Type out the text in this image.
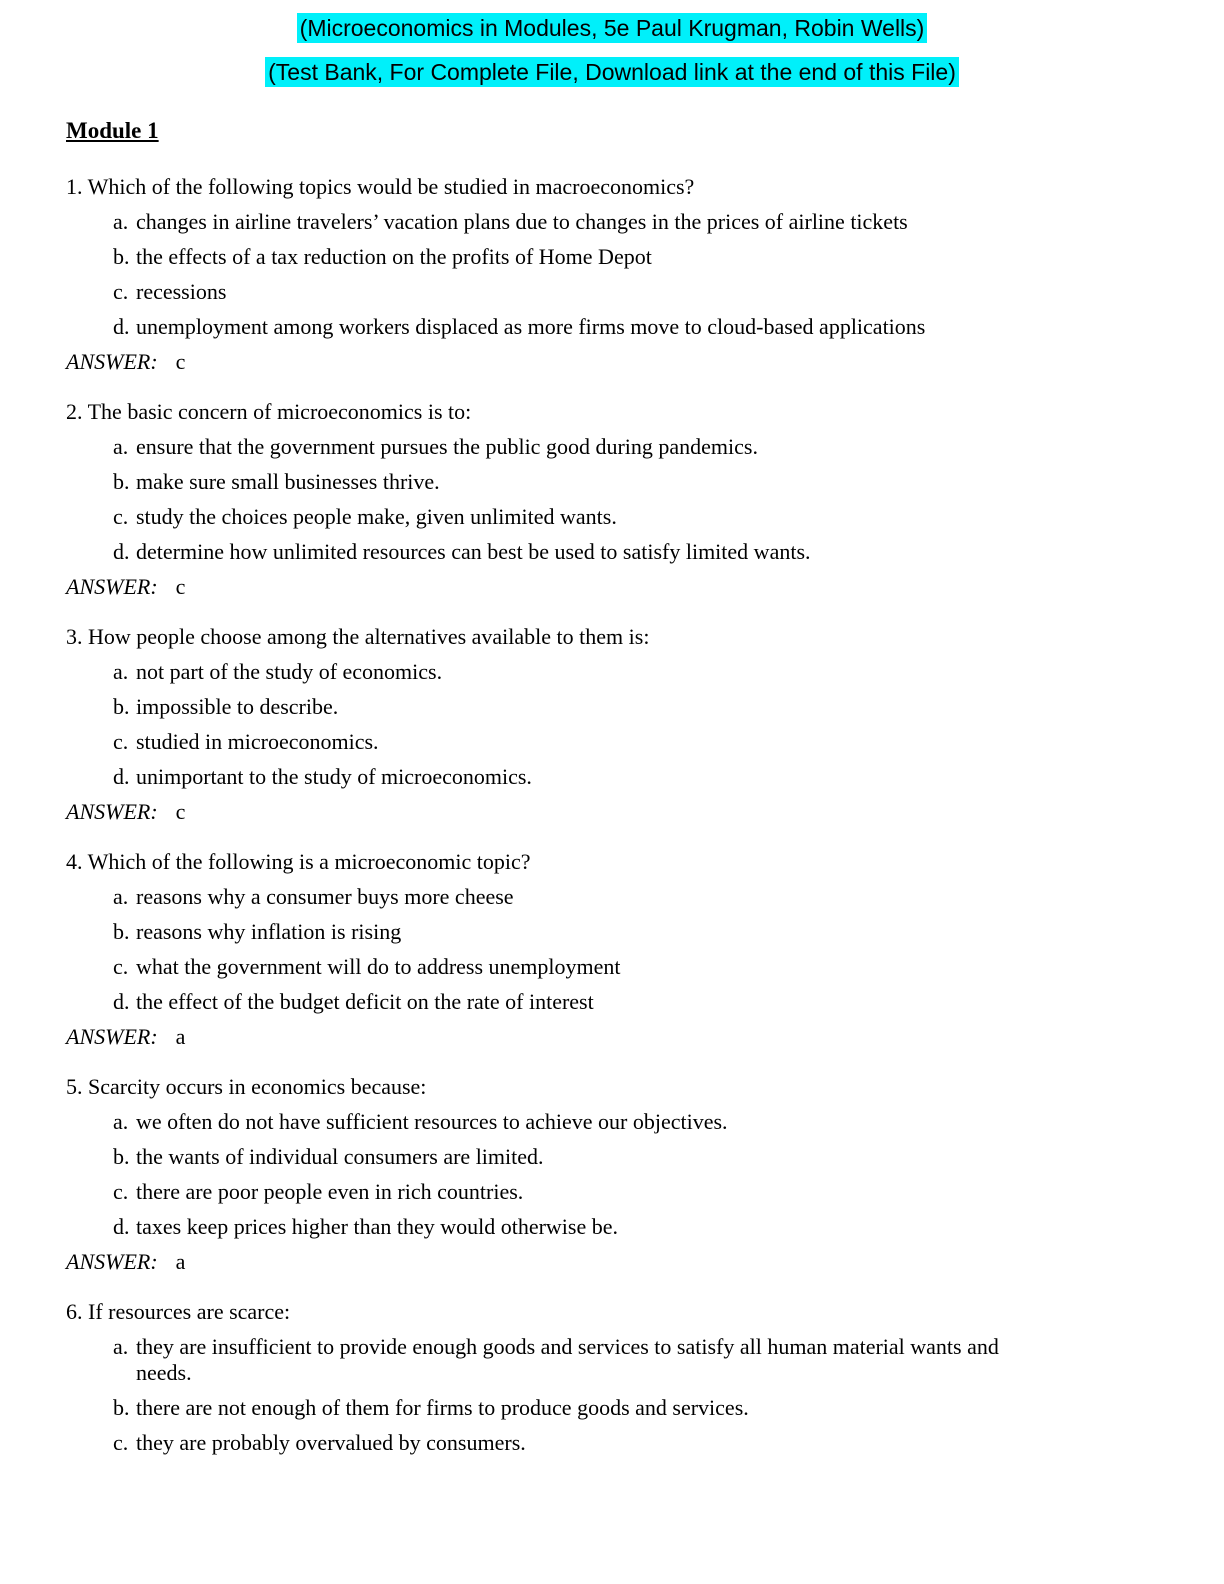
(Microeconomics in Modules, 5e Paul Krugman, Robin Wells)

(Test Bank, For Complete File, Download link at the end of this File)

Module 1
1. Which of the following topics would be studied in macroeconomics?
a. changes in airline travelers’ vacation plans due to changes in the prices of airline tickets
b. the effects of a tax reduction on the profits of Home Depot
c. recessions
d. unemployment among workers displaced as more firms move to cloud-based applications
ANSWER: c
2. The basic concern of microeconomics is to:
a. ensure that the government pursues the public good during pandemics.
b. make sure small businesses thrive.
c. study the choices people make, given unlimited wants.
d. determine how unlimited resources can best be used to satisfy limited wants.
ANSWER: c
3. How people choose among the alternatives available to them is:
a. not part of the study of economics.
b. impossible to describe.
c. studied in microeconomics.
d. unimportant to the study of microeconomics.
ANSWER: c
4. Which of the following is a microeconomic topic?
a. reasons why a consumer buys more cheese
b. reasons why inflation is rising
c. what the government will do to address unemployment
d. the effect of the budget deficit on the rate of interest
ANSWER: a
5. Scarcity occurs in economics because:
a. we often do not have sufficient resources to achieve our objectives.
b. the wants of individual consumers are limited.
c. there are poor people even in rich countries.
d. taxes keep prices higher than they would otherwise be.
ANSWER: a
6. If resources are scarce:
a. they are insufficient to provide enough goods and services to satisfy all human material wants and
needs.
b. there are not enough of them for firms to produce goods and services.
c. they are probably overvalued by consumers.
